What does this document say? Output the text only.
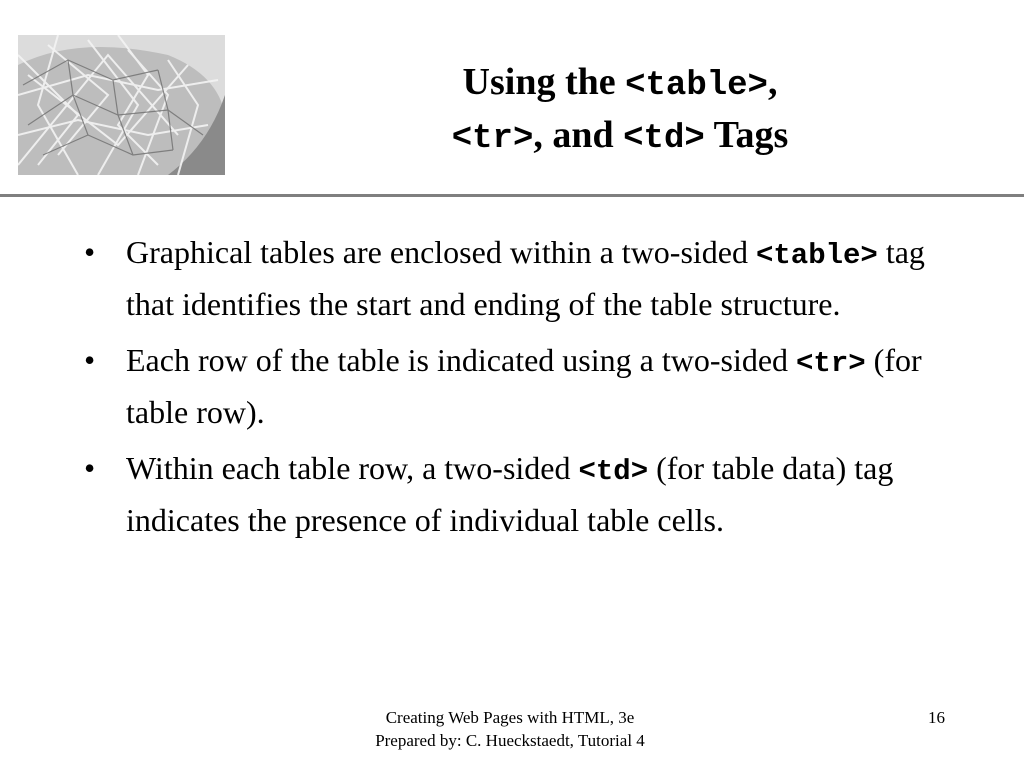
Using the <table>,
<tr>, and <td> Tags
• Graphical tables are enclosed within a two-sided <table> tag that identifies the start and ending of the table structure.
• Each row of the table is indicated using a two-sided <tr> (for table row).
• Within each table row, a two-sided <td> (for table data) tag indicates the presence of individual table cells.
Creating Web Pages with HTML, 3e
Prepared by: C. Hueckstaedt, Tutorial 4
16
